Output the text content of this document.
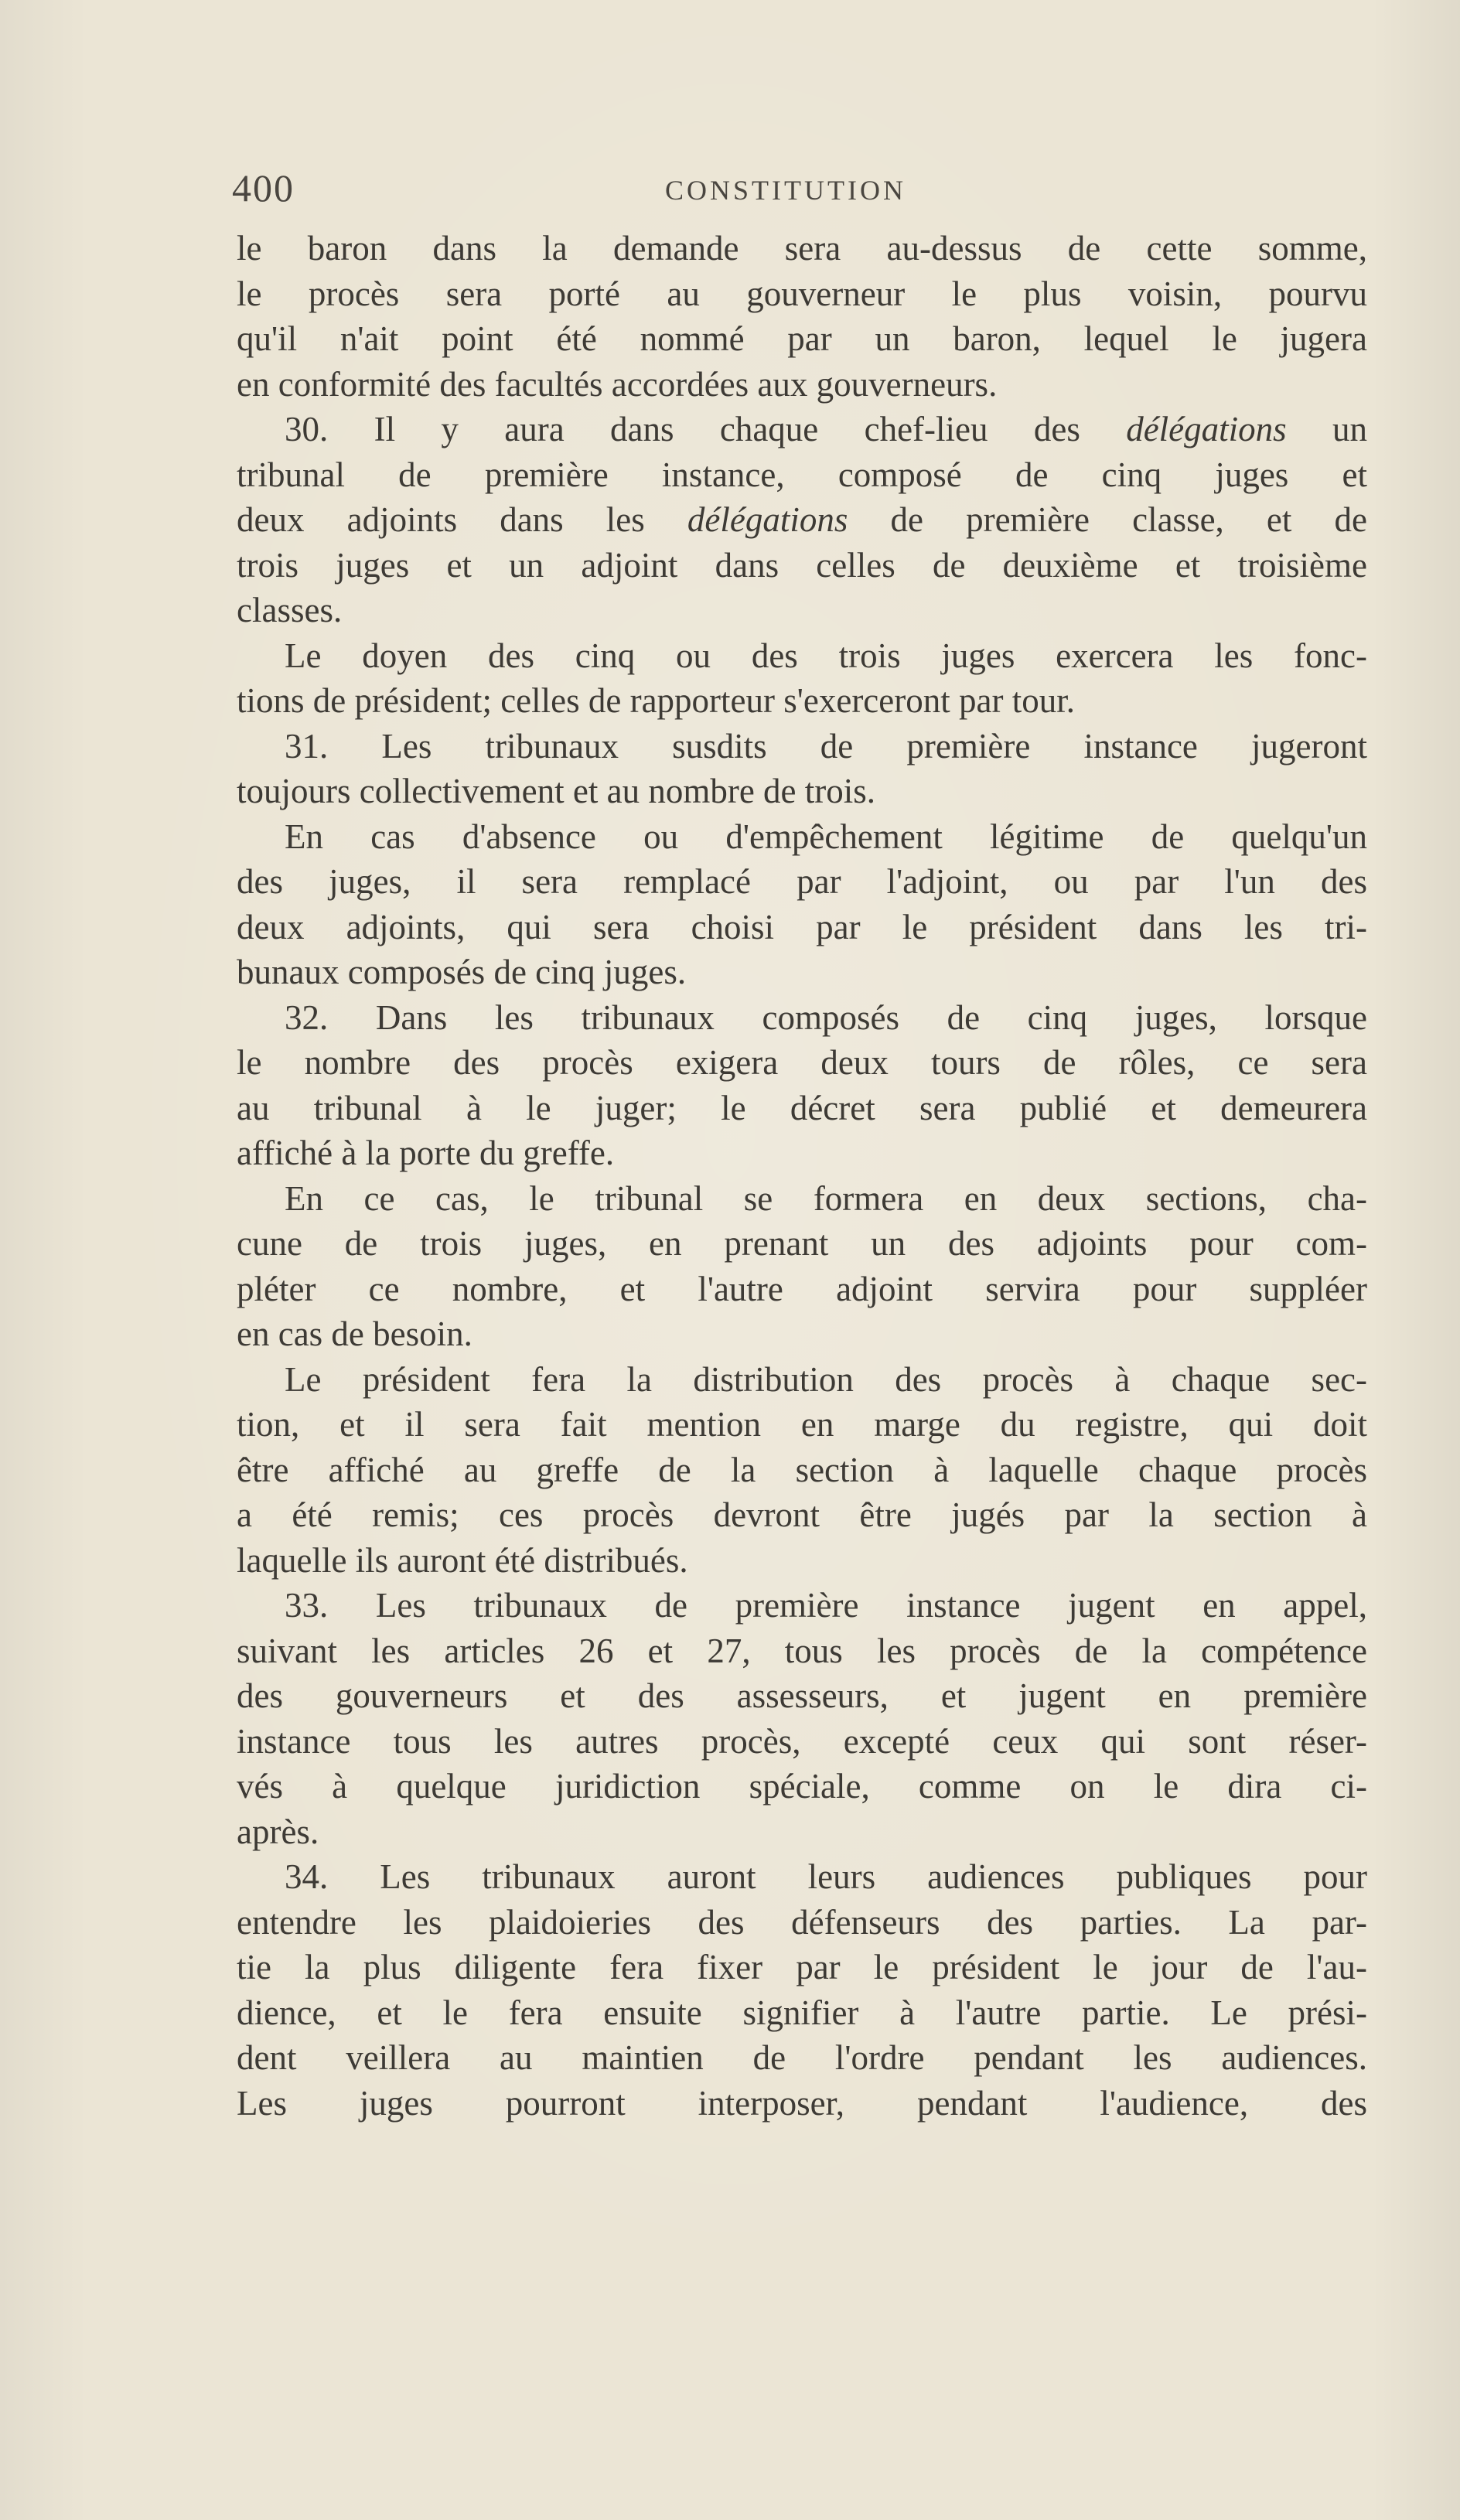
400	CONSTITUTION
le baron dans la demande sera au-dessus de cette somme,
le procès sera porté au gouverneur le plus voisin, pourvu
qu'il n'ait point été nommé par un baron, lequel le jugera
en conformité des facultés accordées aux gouverneurs.
30. Il y aura dans chaque chef-lieu des délégations un
tribunal de première instance, composé de cinq juges et
deux adjoints dans les délégations de première classe, et de
trois juges et un adjoint dans celles de deuxième et troisième
classes.
Le doyen des cinq ou des trois juges exercera les fonc-
tions de président; celles de rapporteur s'exerceront par tour.
31. Les tribunaux susdits de première instance jugeront
toujours collectivement et au nombre de trois.
En cas d'absence ou d'empêchement légitime de quelqu'un
des juges, il sera remplacé par l'adjoint, ou par l'un des
deux adjoints, qui sera choisi par le président dans les tri-
bunaux composés de cinq juges.
32. Dans les tribunaux composés de cinq juges, lorsque
le nombre des procès exigera deux tours de rôles, ce sera
au tribunal à le juger; le décret sera publié et demeurera
affiché à la porte du greffe.
En ce cas, le tribunal se formera en deux sections, cha-
cune de trois juges, en prenant un des adjoints pour com-
pléter ce nombre, et l'autre adjoint servira pour suppléer
en cas de besoin.
Le président fera la distribution des procès à chaque sec-
tion, et il sera fait mention en marge du registre, qui doit
être affiché au greffe de la section à laquelle chaque procès
a été remis; ces procès devront être jugés par la section à
laquelle ils auront été distribués.
33. Les tribunaux de première instance jugent en appel,
suivant les articles 26 et 27, tous les procès de la compétence
des gouverneurs et des assesseurs, et jugent en première
instance tous les autres procès, excepté ceux qui sont réser-
vés à quelque juridiction spéciale, comme on le dira ci-
après.
34. Les tribunaux auront leurs audiences publiques pour
entendre les plaidoieries des défenseurs des parties. La par-
tie la plus diligente fera fixer par le président le jour de l'au-
dience, et le fera ensuite signifier à l'autre partie. Le prési-
dent veillera au maintien de l'ordre pendant les audiences.
Les juges pourront interposer, pendant l'audience, des
